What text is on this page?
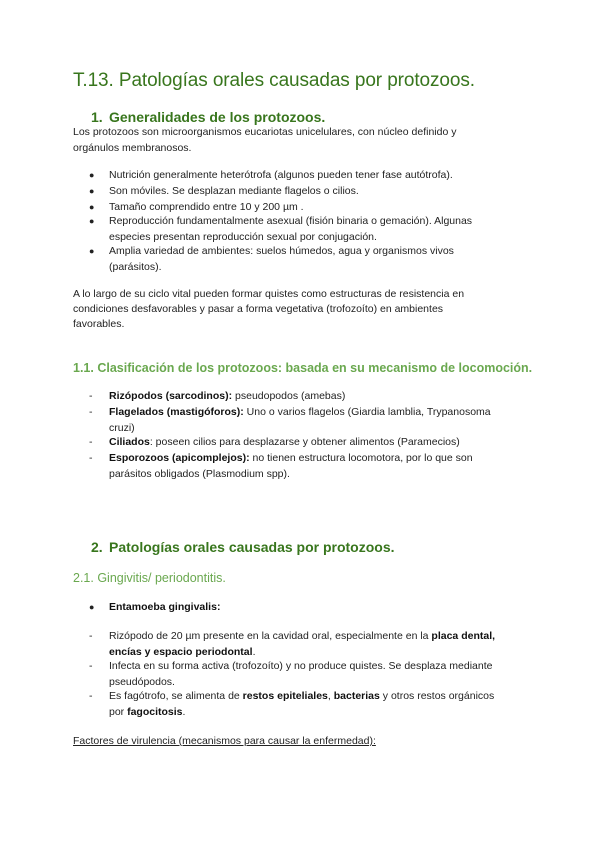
T.13. Patologías orales causadas por protozoos.
1. Generalidades de los protozoos.
Los protozoos son microorganismos eucariotas unicelulares, con núcleo definido y
orgánulos membranosos.
● Nutrición generalmente heterótrofa (algunos pueden tener fase autótrofa).
● Son móviles. Se desplazan mediante flagelos o cilios.
● Tamaño comprendido entre 10 y 200 µm .
● Reproducción fundamentalmente asexual (fisión binaria o gemación). Algunas
especies presentan reproducción sexual por conjugación.
● Amplia variedad de ambientes: suelos húmedos, agua y organismos vivos
(parásitos).
A lo largo de su ciclo vital pueden formar quistes como estructuras de resistencia en
condiciones desfavorables y pasar a forma vegetativa (trofozoíto) en ambientes
favorables.
1.1. Clasificación de los protozoos: basada en su mecanismo de locomoción.
- Rizópodos (sarcodinos): pseudopodos (amebas)
- Flagelados (mastigóforos): Uno o varios flagelos (Giardia lamblia, Trypanosoma
cruzi)
- Ciliados: poseen cilios para desplazarse y obtener alimentos (Paramecios)
- Esporozoos (apicomplejos): no tienen estructura locomotora, por lo que son
parásitos obligados (Plasmodium spp).
2. Patologías orales causadas por protozoos.
2.1. Gingivitis/ periodontitis.
● Entamoeba gingivalis:
- Rizópodo de 20 µm presente en la cavidad oral, especialmente en la placa dental,
encías y espacio periodontal.
- Infecta en su forma activa (trofozoíto) y no produce quistes. Se desplaza mediante
pseudópodos.
- Es fagótrofo, se alimenta de restos epiteliales, bacterias y otros restos orgánicos
por fagocitosis.
Factores de virulencia (mecanismos para causar la enfermedad):
